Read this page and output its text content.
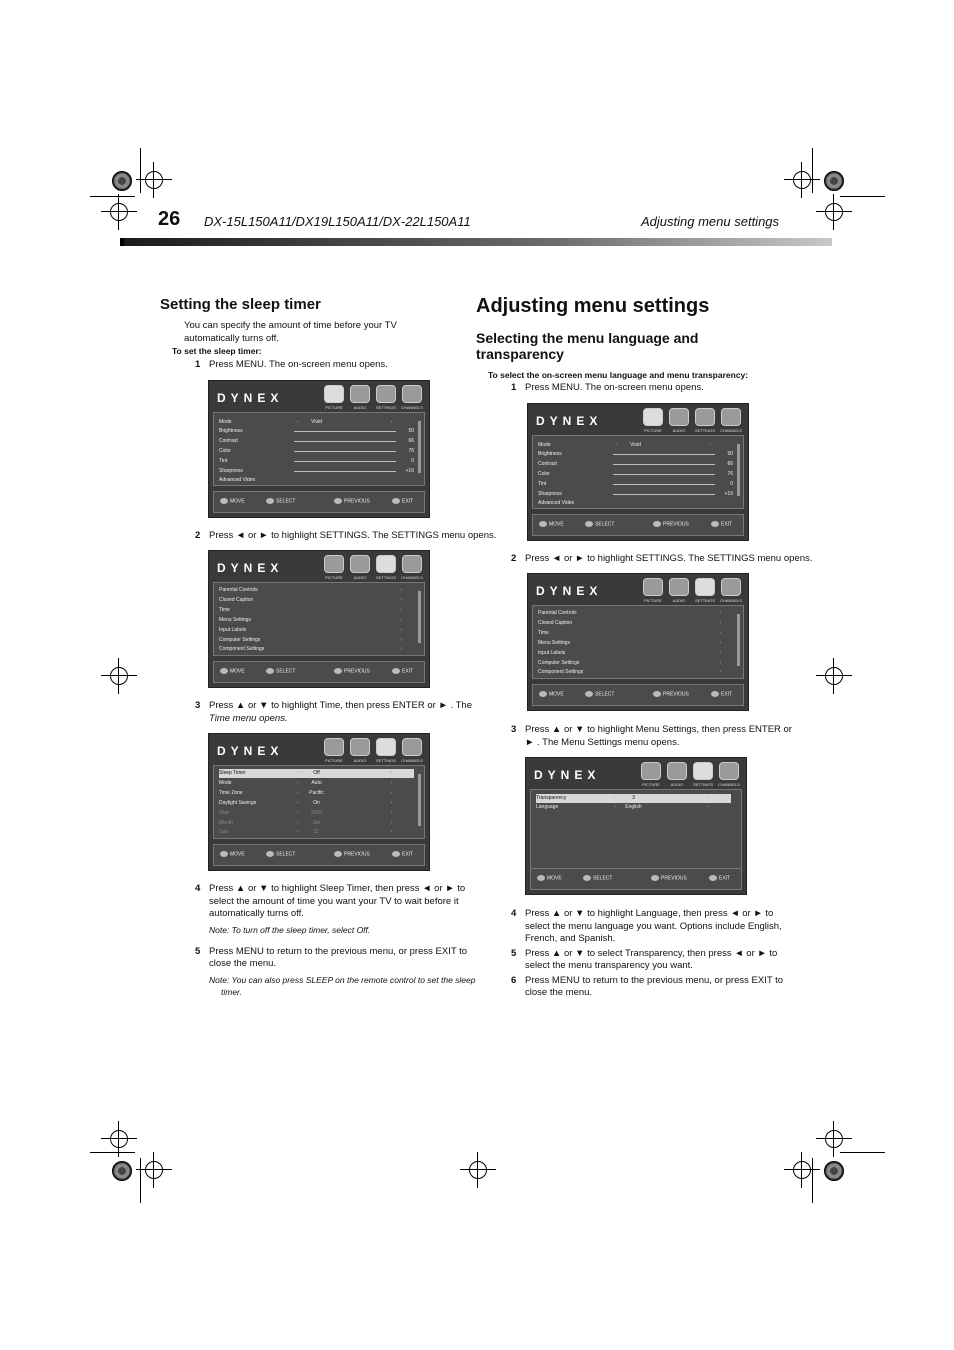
26 DX-15L150A11/DX19L150A11/DX-22L150A11	Adjusting menu settings
Setting the sleep timer
You can specify the amount of time before your TV automatically turns off.
To set the sleep timer:
1 Press MENU. The on-screen menu opens.
DYNEX
PICTURE	AUDIO SETTINGS CHANNELS
Mode	‹	Vivid	›
Brightness	50
Contrast	66
Color	76
Tint	0
Sharpness	+16
Advanced Video
MOVE	SELECT	PREVIOUS	EXIT
2 Press ◄ or ► to highlight SETTINGS. The SETTINGS menu opens.
DYNEX
PICTURE	AUDIO SETTINGS CHANNELS
Parental Controls	›
Closed Caption	›
Time	›
Menu Settings	›
Input Labels	›
Computer Settings	›
Component Settings	›
MOVE	SELECT	PREVIOUS	EXIT
3 Press ▲ or ▼ to highlight Time, then press ENTER or ► . The
Time menu opens.
DYNEX
PICTURE	AUDIO SETTINGS CHANNELS
Sleep Timer	‹	Off	›
Mode	‹	Auto	›
Time Zone	‹	Pacific	›
Daylight Savings	‹	On	›
Year	‹	2010	›
Month	‹	Jan	›
Day	‹	11	›
MOVE	SELECT	PREVIOUS	EXIT
4 Press ▲ or ▼ to highlight Sleep Timer, then press ◄ or ► to
select the amount of time you want your TV to wait before it
automatically turns off.
Note: To turn off the sleep timer, select Off.
5 Press MENU to return to the previous menu, or press EXIT to
close the menu.
Note: You can also press SLEEP on the remote control to set the sleep
timer.
Adjusting menu settings
Selecting the menu language and transparency
To select the on-screen menu language and menu transparency:
1 Press MENU. The on-screen menu opens.
DYNEX
PICTURE	AUDIO SETTINGS CHANNELS
Mode	‹	Vivid	›
Brightness	50
Contrast	66
Color	76
Tint	0
Sharpness	+16
Advanced Video
MOVE	SELECT	PREVIOUS	EXIT
2 Press ◄ or ► to highlight SETTINGS. The SETTINGS menu opens.
DYNEX
PICTURE	AUDIO SETTINGS CHANNELS
Parental Controls	›
Closed Caption	›
Time	›
Menu Settings	›
Input Labels	›
Computer Settings	›
Component Settings	›
MOVE	SELECT	PREVIOUS	EXIT
3 Press ▲ or ▼ to highlight Menu Settings, then press ENTER or
► . The Menu Settings menu opens.
DYNEX
PICTURE	AUDIO SETTINGS CHANNELS
Transparency	‹	3	›
Language	‹	English	›
MOVE	SELECT	PREVIOUS	EXIT
4 Press ▲ or ▼ to highlight Language, then press ◄ or ► to
select the menu language you want. Options include English,
French, and Spanish.
5 Press ▲ or ▼ to select Transparency, then press ◄ or ► to
select the menu transparency you want.
6 Press MENU to return to the previous menu, or press EXIT to
close the menu.
